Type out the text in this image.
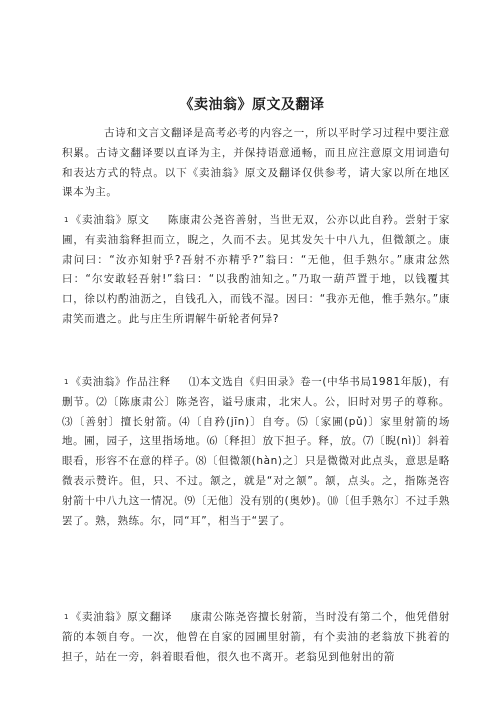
《卖油翁》原文及翻译

古诗和文言文翻译是高考必考的内容之一，所以平时学习过程中要注意积累。古诗文翻译要以直译为主，并保持语意通畅，而且应注意原文用词造句和表达方式的特点。以下《卖油翁》原文及翻译仅供参考，请大家以所在地区课本为主。

1 《卖油翁》原文 陈康肃公尧咨善射，当世无双，公亦以此自矜。尝射于家圃，有卖油翁释担而立，睨之，久而不去。见其发矢十中八九，但微颔之。康肃问曰：“汝亦知射乎?吾射不亦精乎?”翁曰：“无他，但手熟尔。”康肃忿然曰：“尔安敢轻吾射!”翁曰：“以我酌油知之。”乃取一葫芦置于地，以钱覆其口，徐以杓酌油沥之，自钱孔入，而钱不湿。因曰：“我亦无他，惟手熟尔。”康肃笑而遣之。此与庄生所谓解牛斫轮者何异?

1 《卖油翁》作品注释 ⑴本文选自《归田录》卷一(中华书局1981年版)，有删节。⑵〔陈康肃公〕陈尧咨，谥号康肃，北宋人。公，旧时对男子的尊称。⑶〔善射〕擅长射箭。⑷〔自矜(jīn)〕自夸。⑸〔家圃(pǔ)〕家里射箭的场地。圃，园子，这里指场地。⑹〔释担〕放下担子。释，放。⑺〔睨(nì)〕斜着眼看，形容不在意的样子。⑻〔但微颔(hàn)之〕只是微微对此点头，意思是略微表示赞许。但，只、不过。颔之，就是“对之颔”。颔，点头。之，指陈尧咨射箭十中八九这一情况。⑼〔无他〕没有别的(奥妙)。⑽〔但手熟尔〕不过手熟罢了。熟，熟练。尔，同“耳”，相当于“罢了。

1 《卖油翁》原文翻译 康肃公陈尧咨擅长射箭，当时没有第二个，他凭借射箭的本领自夸。一次，他曾在自家的园圃里射箭，有个卖油的老翁放下挑着的担子，站在一旁，斜着眼看他，很久也不离开。老翁见到他射出的箭
